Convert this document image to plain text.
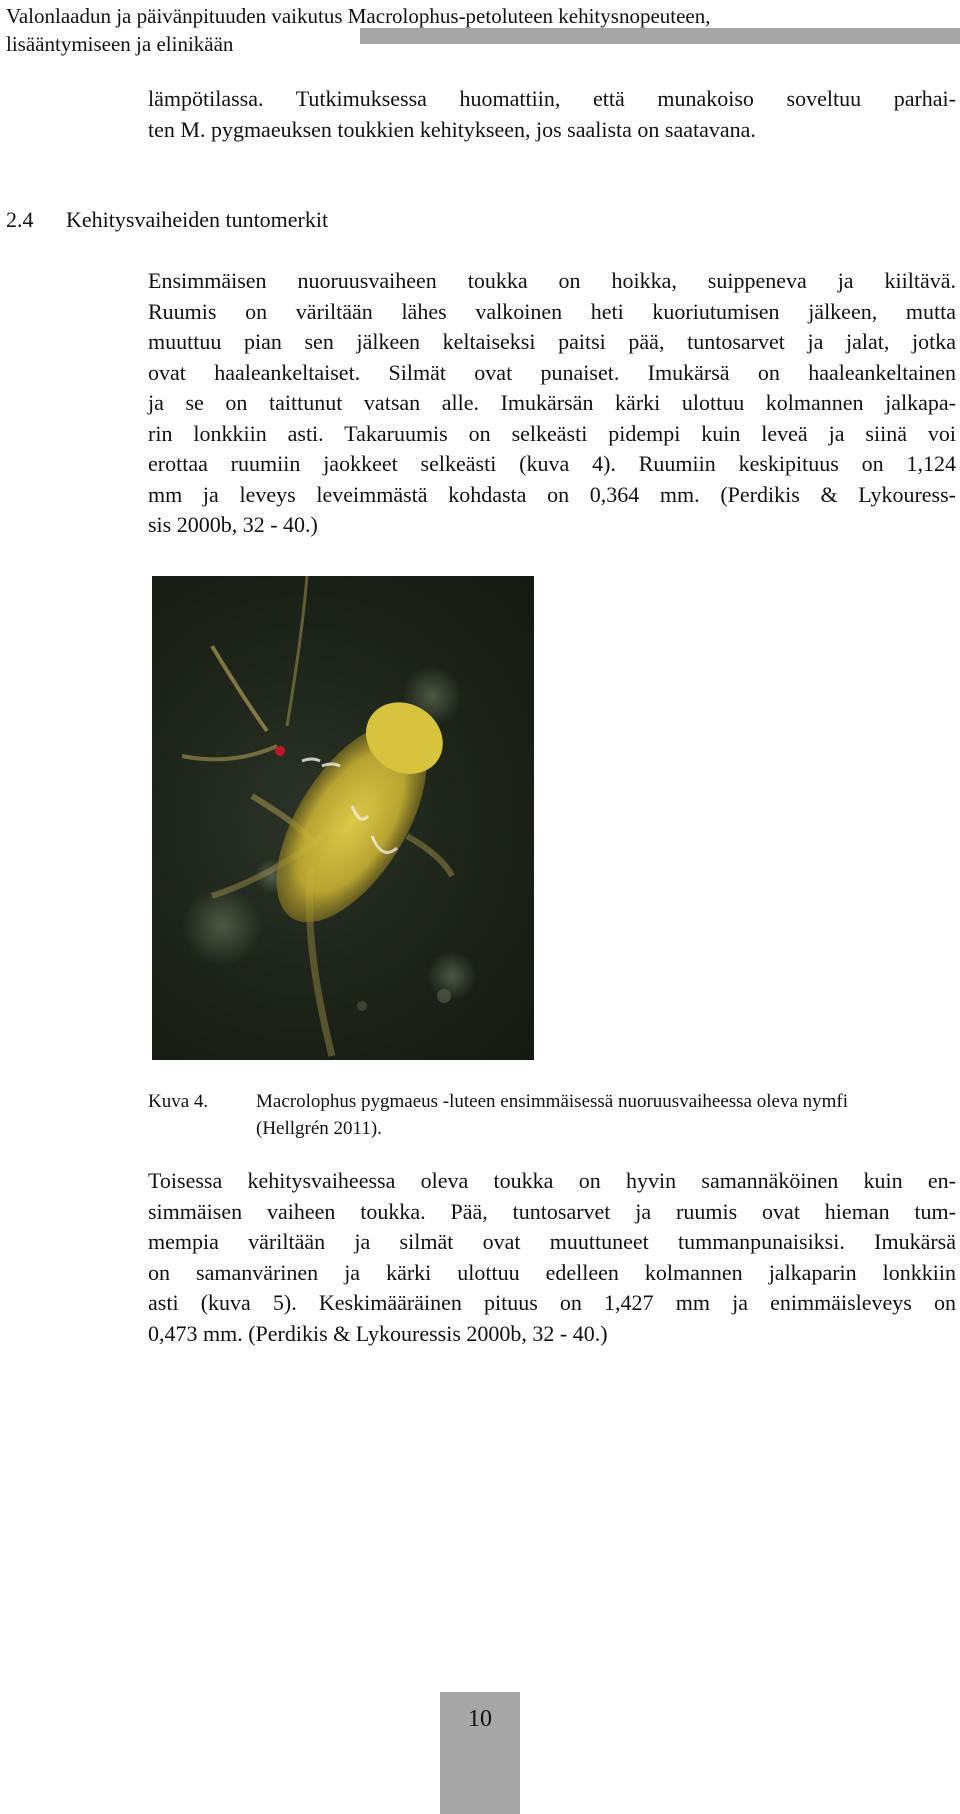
Valonlaadun ja päivänpituuden vaikutus Macrolophus-petoluteen kehitysnopeuteen,
lisääntymiseen ja elinikään
lämpötilassa. Tutkimuksessa huomattiin, että munakoiso soveltuu parhai-
ten M. pygmaeuksen toukkien kehitykseen, jos saalista on saatavana.
2.4 Kehitysvaiheiden tuntomerkit
Ensimmäisen nuoruusvaiheen toukka on hoikka, suippeneva ja kiiltävä.
Ruumis on väriltään lähes valkoinen heti kuoriutumisen jälkeen, mutta
muuttuu pian sen jälkeen keltaiseksi paitsi pää, tuntosarvet ja jalat, jotka
ovat haaleankeltaiset. Silmät ovat punaiset. Imukärsä on haaleankeltainen
ja se on taittunut vatsan alle. Imukärsän kärki ulottuu kolmannen jalkapa-
rin lonkkiin asti. Takaruumis on selkeästi pidempi kuin leveä ja siinä voi
erottaa ruumiin jaokkeet selkeästi (kuva 4). Ruumiin keskipituus on 1,124
mm ja leveys leveimmästä kohdasta on 0,364 mm. (Perdikis & Lykouress-
sis 2000b, 32 - 40.)
Kuva 4.	Macrolophus pygmaeus -luteen ensimmäisessä nuoruusvaiheessa oleva nymfi
(Hellgrén 2011).
Toisessa kehitysvaiheessa oleva toukka on hyvin samannäköinen kuin en-
simmäisen vaiheen toukka. Pää, tuntosarvet ja ruumis ovat hieman tum-
mempia väriltään ja silmät ovat muuttuneet tummanpunaisiksi. Imukärsä
on samanvärinen ja kärki ulottuu edelleen kolmannen jalkaparin lonkkiin
asti (kuva 5). Keskimääräinen pituus on 1,427 mm ja enimmäisleveys on
0,473 mm. (Perdikis & Lykouressis 2000b, 32 - 40.)
10
